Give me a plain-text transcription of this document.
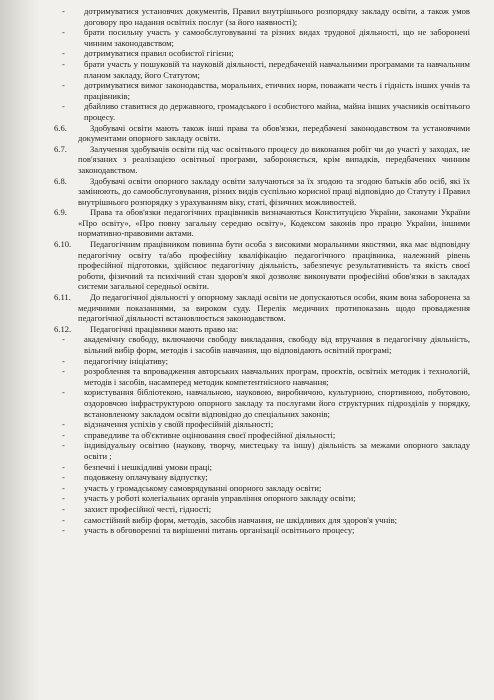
- дотримуватися установчих документів, Правил внутрішнього розпорядку закладу освіти, а також умов договору про надання освітніх послуг (за його наявності);
- брати посильну участь у самообслуговуванні та різних видах трудової діяльності, що не заборонені чинним законодавством;
- дотримуватися правил особистої гігієни;
- брати участь у пошуковій та науковій діяльності, передбаченій навчальними програмами та навчальним планом закладу, його Статутом;
- дотримуватися вимог законодавства, моральних, етичних норм, поважати честь і гідність інших учнів та працівників;
- дбайливо ставитися до державного, громадського і особистого майна, майна інших учасників освітнього процесу.

6.6.	Здобувачі освіти мають також інші права та обов'язки, передбачені законодавством та установчими документами опорного закладу освіти.

6.7.	Залучення здобувачів освіти під час освітнього процесу до виконання робіт чи до участі у заходах, не пов'язаних з реалізацією освітньої програми, забороняється, крім випадків, передбачених чинним законодавством.

6.8.	Здобувачі освіти опорного закладу освіти залучаються за їх згодою та згодою батьків або осіб, які їх замінюють, до самообслуговування, різних видів суспільно корисної праці відповідно до Статуту і Правил внутрішнього розпорядку з урахуванням віку, статі, фізичних можливостей.

6.9.	Права та обов'язки педагогічних працівників визначаються Конституцією України, законами України «Про освіту», «Про повну загальну середню освіту», Кодексом законів про працю України, іншими нормативно-правовими актами.

6.10.	Педагогічним працівником повинна бути особа з високими моральними якостями, яка має відповідну педагогічну освіту та/або професійну кваліфікацію педагогічного працівника, належний рівень професійної підготовки, здійснює педагогічну діяльність, забезпечує результативність та якість своєї роботи, фізичний та психічний стан здоров'я якої дозволяє виконувати професійні обов'язки в закладах системи загальної середньої освіти.

6.11.	До педагогічної діяльності у опорному закладі освіти не допускаються особи, яким вона заборонена за медичними показаннями, за вироком суду. Перелік медичних протипоказань щодо провадження педагогічної діяльності встановлюється законодавством.

6.12.	Педагогічні працівники мають право на:

- академічну свободу, включаючи свободу викладання, свободу від втручання в педагогічну діяльність, вільний вибір форм, методів і засобів навчання, що відповідають освітній програмі;
- педагогічну ініціативу;
- розроблення та впровадження авторських навчальних програм, проєктів, освітніх методик і технологій, методів і засобів, насамперед методик компетентнісного навчання;
- користування бібліотекою, навчальною, науковою, виробничою, культурною, спортивною, побутовою, оздоровчою інфраструктурою опорного закладу та послугами його структурних підрозділів у порядку, встановленому закладом освіти відповідно до спеціальних законів;
- відзначення успіхів у своїй професійній діяльності;
- справедливе та об'єктивне оцінювання своєї професійної діяльності;
- індивідуальну освітню (наукову, творчу, мистецьку та іншу) діяльність за межами опорного закладу освіти ;
- безпечні і нешкідливі умови праці;
- подовжену оплачувану відпустку;
- участь у громадському самоврядуванні опорного закладу освіти;
- участь у роботі колегіальних органів управління опорного закладу освіти;
- захист професійної честі, гідності;
- самостійний вибір форм, методів, засобів навчання, не шкідливих для здоров'я учнів;
- участь в обговоренні та вирішенні питань організації освітнього процесу;
